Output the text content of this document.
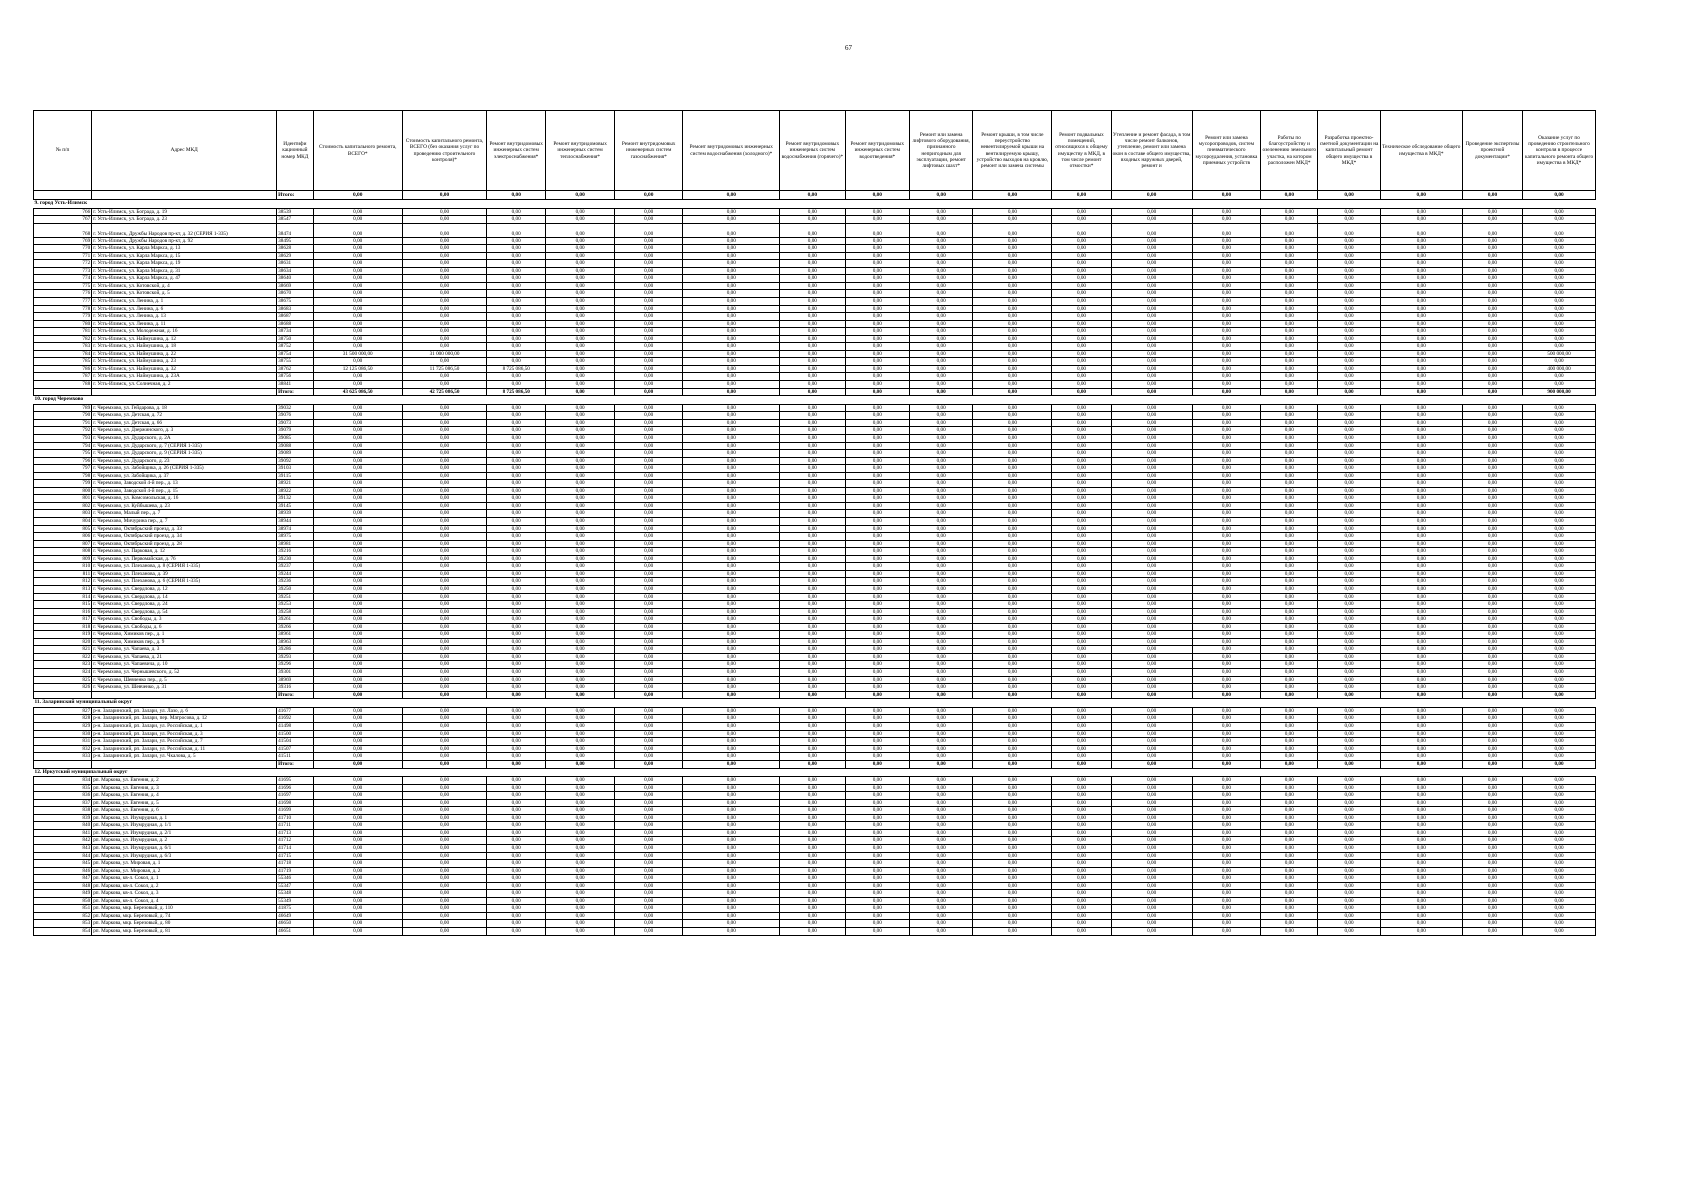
67
№ п/п	Адрес МКД	Идентифи кационный номер МКД	Стоимость капитального ремонта, ВСЕГО*	Стоимость капитального ремонта, ВСЕГО (без оказания услуг по проведению строительного контроля)*	Ремонт внутридомовых инженерных систем электроснабжения*	Ремонт внутридомовых инженерных систем теплоснабжения*	Ремонт внутридомовых инженерных систем газоснабжения*	Ремонт внутридомовых инженерных систем водоснабжения (холодного)*	Ремонт внутридомовых инженерных систем водоснабжения (горячего)*	Ремонт внутридомовых инженерных систем водоотведения*	Ремонт или замена лифтового оборудования, признанного непригодным для эксплуатации, ремонт лифтовых шахт*	Ремонт крыши, в том числе переустройство невентилируемой крыши на вентилируемую крышу, устройство выходов на кровлю, ремонт или замена системы	Ремонт подвальных помещений, относящихся к общему имуществу в МКД, в том числе ремонт отмостки*	Утепление и ремонт фасада, в том числе ремонт балконов, утепление, ремонт или замена окон в составе общего имущества, входных наружных дверей, ремонт и	Ремонт или замена мусоропроводов, систем пневматического мусороудаления, установка приемных устройств	Работы по благоустройству и озеленению земельного участка, на котором расположен МКД*	Разработка проектно-сметной документации на капитальный ремонт общего имущества в МКД*	Техническое обследование общего имущества в МКД*	Проведение экспертизы проектной документации*	Оказание услуг по проведению строительного контроля в процессе капитального ремонта общего имущества в МКД*
		Итого:	0,00	0,00	0,00	0,00	0,00	0,00	0,00	0,00	0,00	0,00	0,00	0,00	0,00	0,00	0,00	0,00	0,00	0,00
9. город Усть-Илимск																				
766	г. Усть-Илимск, ул. Бограда, д. 19	38539	0,00	0,00	0,00	0,00	0,00	0,00	0,00	0,00	0,00	0,00	0,00	0,00	0,00	0,00	0,00	0,00	0,00	0,00
767	г. Усть-Илимск, ул. Бограда, д. 23	38547	0,00	0,00	0,00	0,00	0,00	0,00	0,00	0,00	0,00	0,00	0,00	0,00	0,00	0,00	0,00	0,00	0,00	0,00
768	г. Усть-Илимск, Дружбы Народов пр-кт, д. 32 (СЕРИЯ 1-335)	38474	0,00	0,00	0,00	0,00	0,00	0,00	0,00	0,00	0,00	0,00	0,00	0,00	0,00	0,00	0,00	0,00	0,00	0,00
769	г. Усть-Илимск, Дружбы Народов пр-кт, д. 92	38495	0,00	0,00	0,00	0,00	0,00	0,00	0,00	0,00	0,00	0,00	0,00	0,00	0,00	0,00	0,00	0,00	0,00	0,00
770	г. Усть-Илимск, ул. Карла Маркса, д. 13	38628	0,00	0,00	0,00	0,00	0,00	0,00	0,00	0,00	0,00	0,00	0,00	0,00	0,00	0,00	0,00	0,00	0,00	0,00
771	г. Усть-Илимск, ул. Карла Маркса, д. 15	38629	0,00	0,00	0,00	0,00	0,00	0,00	0,00	0,00	0,00	0,00	0,00	0,00	0,00	0,00	0,00	0,00	0,00	0,00
772	г. Усть-Илимск, ул. Карла Маркса, д. 19	38631	0,00	0,00	0,00	0,00	0,00	0,00	0,00	0,00	0,00	0,00	0,00	0,00	0,00	0,00	0,00	0,00	0,00	0,00
773	г. Усть-Илимск, ул. Карла Маркса, д. 31	38634	0,00	0,00	0,00	0,00	0,00	0,00	0,00	0,00	0,00	0,00	0,00	0,00	0,00	0,00	0,00	0,00	0,00	0,00
774	г. Усть-Илимск, ул. Карла Маркса, д. 47	38640	0,00	0,00	0,00	0,00	0,00	0,00	0,00	0,00	0,00	0,00	0,00	0,00	0,00	0,00	0,00	0,00	0,00	0,00
775	г. Усть-Илимск, ул. Котовской, д. 4	38669	0,00	0,00	0,00	0,00	0,00	0,00	0,00	0,00	0,00	0,00	0,00	0,00	0,00	0,00	0,00	0,00	0,00	0,00
776	г. Усть-Илимск, ул. Котовской, д. 5	38670	0,00	0,00	0,00	0,00	0,00	0,00	0,00	0,00	0,00	0,00	0,00	0,00	0,00	0,00	0,00	0,00	0,00	0,00
777	г. Усть-Илимск, ул. Ленина, д. 1	38675	0,00	0,00	0,00	0,00	0,00	0,00	0,00	0,00	0,00	0,00	0,00	0,00	0,00	0,00	0,00	0,00	0,00	0,00
778	г. Усть-Илимск, ул. Ленина, д. 6	38683	0,00	0,00	0,00	0,00	0,00	0,00	0,00	0,00	0,00	0,00	0,00	0,00	0,00	0,00	0,00	0,00	0,00	0,00
779	г. Усть-Илимск, ул. Ленина, д. 13	38687	0,00	0,00	0,00	0,00	0,00	0,00	0,00	0,00	0,00	0,00	0,00	0,00	0,00	0,00	0,00	0,00	0,00	0,00
780	г. Усть-Илимск, ул. Ленина, д. 11	38688	0,00	0,00	0,00	0,00	0,00	0,00	0,00	0,00	0,00	0,00	0,00	0,00	0,00	0,00	0,00	0,00	0,00	0,00
781	г. Усть-Илимск, ул. Молодежная, д. 16	38734	0,00	0,00	0,00	0,00	0,00	0,00	0,00	0,00	0,00	0,00	0,00	0,00	0,00	0,00	0,00	0,00	0,00	0,00
782	г. Усть-Илимск, ул. Наймушина, д. 12	38750	0,00	0,00	0,00	0,00	0,00	0,00	0,00	0,00	0,00	0,00	0,00	0,00	0,00	0,00	0,00	0,00	0,00	0,00
783	г. Усть-Илимск, ул. Наймушина, д. 18	38752	0,00	0,00	0,00	0,00	0,00	0,00	0,00	0,00	0,00	0,00	0,00	0,00	0,00	0,00	0,00	0,00	0,00	0,00
784	г. Усть-Илимск, ул. Наймушина, д. 22	38754	31 500 000,00	31 000 000,00	0,00	0,00	0,00	0,00	0,00	0,00	0,00	0,00	0,00	0,00	0,00	0,00	0,00	0,00	0,00	500 000,00
785	г. Усть-Илимск, ул. Наймушина, д. 23	38755	0,00	0,00	0,00	0,00	0,00	0,00	0,00	0,00	0,00	0,00	0,00	0,00	0,00	0,00	0,00	0,00	0,00	0,00
786	г. Усть-Илимск, ул. Наймушина, д. 32	38762	12 125 086,50	11 725 086,50	8 725 086,50	0,00	0,00	0,00	0,00	0,00	0,00	0,00	0,00	0,00	0,00	0,00	0,00	0,00	0,00	400 000,00
787	г. Усть-Илимск, ул. Наймушина, д. 23А	38756	0,00	0,00	0,00	0,00	0,00	0,00	0,00	0,00	0,00	0,00	0,00	0,00	0,00	0,00	0,00	0,00	0,00	0,00
788	г. Усть-Илимск, ул. Солнечная, д. 2	38841	0,00	0,00	0,00	0,00	0,00	0,00	0,00	0,00	0,00	0,00	0,00	0,00	0,00	0,00	0,00	0,00	0,00	0,00
		Итого:	43 625 086,50	42 725 086,50	8 725 086,50	0,00	0,00	0,00	0,00	0,00	0,00	0,00	0,00	0,00	0,00	0,00	0,00	0,00	0,00	900 000,00
10. город Черемхово																				
789	г. Черемхово, ул. Гейдарова, д. 18	39032	0,00	0,00	0,00	0,00	0,00	0,00	0,00	0,00	0,00	0,00	0,00	0,00	0,00	0,00	0,00	0,00	0,00	0,00
790	г. Черемхово, ул. Детская, д. 72	39076	0,00	0,00	0,00	0,00	0,00	0,00	0,00	0,00	0,00	0,00	0,00	0,00	0,00	0,00	0,00	0,00	0,00	0,00
791	г. Черемхово, ул. Детская, д. 66	39073	0,00	0,00	0,00	0,00	0,00	0,00	0,00	0,00	0,00	0,00	0,00	0,00	0,00	0,00	0,00	0,00	0,00	0,00
792	г. Черемхово, ул. Дзержинского, д. 3	39079	0,00	0,00	0,00	0,00	0,00	0,00	0,00	0,00	0,00	0,00	0,00	0,00	0,00	0,00	0,00	0,00	0,00	0,00
793	г. Черемхово, ул. Дударского, д. 2А	39085	0,00	0,00	0,00	0,00	0,00	0,00	0,00	0,00	0,00	0,00	0,00	0,00	0,00	0,00	0,00	0,00	0,00	0,00
794	г. Черемхово, ул. Дударского, д. 7 (СЕРИЯ 1-335)	39088	0,00	0,00	0,00	0,00	0,00	0,00	0,00	0,00	0,00	0,00	0,00	0,00	0,00	0,00	0,00	0,00	0,00	0,00
795	г. Черемхово, ул. Дударского, д. 9 (СЕРИЯ 1-335)	39089	0,00	0,00	0,00	0,00	0,00	0,00	0,00	0,00	0,00	0,00	0,00	0,00	0,00	0,00	0,00	0,00	0,00	0,00
796	г. Черемхово, ул. Дударского, д. 23	39092	0,00	0,00	0,00	0,00	0,00	0,00	0,00	0,00	0,00	0,00	0,00	0,00	0,00	0,00	0,00	0,00	0,00	0,00
797	г. Черемхово, ул. Забойщика, д. 26 (СЕРИЯ 1-335)	39103	0,00	0,00	0,00	0,00	0,00	0,00	0,00	0,00	0,00	0,00	0,00	0,00	0,00	0,00	0,00	0,00	0,00	0,00
798	г. Черемхово, ул. Забойщика, д. 37	39115	0,00	0,00	0,00	0,00	0,00	0,00	0,00	0,00	0,00	0,00	0,00	0,00	0,00	0,00	0,00	0,00	0,00	0,00
799	г. Черемхово, Заводской 4-й пер., д. 13	38921	0,00	0,00	0,00	0,00	0,00	0,00	0,00	0,00	0,00	0,00	0,00	0,00	0,00	0,00	0,00	0,00	0,00	0,00
800	г. Черемхово, Заводской 4-й пер., д. 15	38922	0,00	0,00	0,00	0,00	0,00	0,00	0,00	0,00	0,00	0,00	0,00	0,00	0,00	0,00	0,00	0,00	0,00	0,00
801	г. Черемхово, ул. Комсомольская, д. 16	39132	0,00	0,00	0,00	0,00	0,00	0,00	0,00	0,00	0,00	0,00	0,00	0,00	0,00	0,00	0,00	0,00	0,00	0,00
802	г. Черемхово, ул. Куйбышева, д. 23	39145	0,00	0,00	0,00	0,00	0,00	0,00	0,00	0,00	0,00	0,00	0,00	0,00	0,00	0,00	0,00	0,00	0,00	0,00
803	г. Черемхово, Малый пер., д. 7	38939	0,00	0,00	0,00	0,00	0,00	0,00	0,00	0,00	0,00	0,00	0,00	0,00	0,00	0,00	0,00	0,00	0,00	0,00
804	г. Черемхово, Мичурина пер., д. 7	38944	0,00	0,00	0,00	0,00	0,00	0,00	0,00	0,00	0,00	0,00	0,00	0,00	0,00	0,00	0,00	0,00	0,00	0,00
805	г. Черемхово, Октябрьский проезд, д. 33	38974	0,00	0,00	0,00	0,00	0,00	0,00	0,00	0,00	0,00	0,00	0,00	0,00	0,00	0,00	0,00	0,00	0,00	0,00
806	г. Черемхово, Октябрьский проезд, д. 34	38975	0,00	0,00	0,00	0,00	0,00	0,00	0,00	0,00	0,00	0,00	0,00	0,00	0,00	0,00	0,00	0,00	0,00	0,00
807	г. Черемхово, Октябрьский проезд, д. 28	38981	0,00	0,00	0,00	0,00	0,00	0,00	0,00	0,00	0,00	0,00	0,00	0,00	0,00	0,00	0,00	0,00	0,00	0,00
808	г. Черемхово, ул. Парковая, д. 12	39216	0,00	0,00	0,00	0,00	0,00	0,00	0,00	0,00	0,00	0,00	0,00	0,00	0,00	0,00	0,00	0,00	0,00	0,00
809	г. Черемхово, ул. Первомайская, д. 76	39230	0,00	0,00	0,00	0,00	0,00	0,00	0,00	0,00	0,00	0,00	0,00	0,00	0,00	0,00	0,00	0,00	0,00	0,00
810	г. Черемхово, ул. Плеханова, д. 8 (СЕРИЯ 1-335)	39237	0,00	0,00	0,00	0,00	0,00	0,00	0,00	0,00	0,00	0,00	0,00	0,00	0,00	0,00	0,00	0,00	0,00	0,00
811	г. Черемхово, ул. Плеханова, д. 39	39244	0,00	0,00	0,00	0,00	0,00	0,00	0,00	0,00	0,00	0,00	0,00	0,00	0,00	0,00	0,00	0,00	0,00	0,00
812	г. Черемхово, ул. Плеханова, д. 6 (СЕРИЯ 1-335)	39236	0,00	0,00	0,00	0,00	0,00	0,00	0,00	0,00	0,00	0,00	0,00	0,00	0,00	0,00	0,00	0,00	0,00	0,00
813	г. Черемхово, ул. Свердлова, д. 12	39250	0,00	0,00	0,00	0,00	0,00	0,00	0,00	0,00	0,00	0,00	0,00	0,00	0,00	0,00	0,00	0,00	0,00	0,00
814	г. Черемхово, ул. Свердлова, д. 14	39251	0,00	0,00	0,00	0,00	0,00	0,00	0,00	0,00	0,00	0,00	0,00	0,00	0,00	0,00	0,00	0,00	0,00	0,00
815	г. Черемхово, ул. Свердлова, д. 24	39253	0,00	0,00	0,00	0,00	0,00	0,00	0,00	0,00	0,00	0,00	0,00	0,00	0,00	0,00	0,00	0,00	0,00	0,00
816	г. Черемхово, ул. Свердлова, д. 54	39258	0,00	0,00	0,00	0,00	0,00	0,00	0,00	0,00	0,00	0,00	0,00	0,00	0,00	0,00	0,00	0,00	0,00	0,00
817	г. Черемхово, ул. Свободы, д. 3	39261	0,00	0,00	0,00	0,00	0,00	0,00	0,00	0,00	0,00	0,00	0,00	0,00	0,00	0,00	0,00	0,00	0,00	0,00
818	г. Черемхово, ул. Свободы, д. 6	39266	0,00	0,00	0,00	0,00	0,00	0,00	0,00	0,00	0,00	0,00	0,00	0,00	0,00	0,00	0,00	0,00	0,00	0,00
819	г. Черемхово, Химиков пер., д. 1	38961	0,00	0,00	0,00	0,00	0,00	0,00	0,00	0,00	0,00	0,00	0,00	0,00	0,00	0,00	0,00	0,00	0,00	0,00
820	г. Черемхово, Химиков пер., д. 9	38963	0,00	0,00	0,00	0,00	0,00	0,00	0,00	0,00	0,00	0,00	0,00	0,00	0,00	0,00	0,00	0,00	0,00	0,00
821	г. Черемхово, ул. Чапаева, д. 3	39286	0,00	0,00	0,00	0,00	0,00	0,00	0,00	0,00	0,00	0,00	0,00	0,00	0,00	0,00	0,00	0,00	0,00	0,00
822	г. Черемхово, ул. Чапаева, д. 21	39293	0,00	0,00	0,00	0,00	0,00	0,00	0,00	0,00	0,00	0,00	0,00	0,00	0,00	0,00	0,00	0,00	0,00	0,00
823	г. Черемхово, ул. Чапаевича, д. 10	39296	0,00	0,00	0,00	0,00	0,00	0,00	0,00	0,00	0,00	0,00	0,00	0,00	0,00	0,00	0,00	0,00	0,00	0,00
824	г. Черемхово, ул. Чернышевского, д. 52	39301	0,00	0,00	0,00	0,00	0,00	0,00	0,00	0,00	0,00	0,00	0,00	0,00	0,00	0,00	0,00	0,00	0,00	0,00
825	г. Черемхово, Шевченко пер., д. 5	38969	0,00	0,00	0,00	0,00	0,00	0,00	0,00	0,00	0,00	0,00	0,00	0,00	0,00	0,00	0,00	0,00	0,00	0,00
826	г. Черемхово, ул. Шевченко, д. 31	39316	0,00	0,00	0,00	0,00	0,00	0,00	0,00	0,00	0,00	0,00	0,00	0,00	0,00	0,00	0,00	0,00	0,00	0,00
		Итого:	0,00	0,00	0,00	0,00	0,00	0,00	0,00	0,00	0,00	0,00	0,00	0,00	0,00	0,00	0,00	0,00	0,00	0,00
11. Заларинский муниципальный округ																				
827	р-н. Заларинский, рп. Залари, ул. Лазо, д. 6	41677	0,00	0,00	0,00	0,00	0,00	0,00	0,00	0,00	0,00	0,00	0,00	0,00	0,00	0,00	0,00	0,00	0,00	0,00
828	р-н. Заларинский, рп. Залари, пер. Матросова, д. 12	41692	0,00	0,00	0,00	0,00	0,00	0,00	0,00	0,00	0,00	0,00	0,00	0,00	0,00	0,00	0,00	0,00	0,00	0,00
829	р-н. Заларинский, рп. Залари, ул. Российская, д. 1	41498	0,00	0,00	0,00	0,00	0,00	0,00	0,00	0,00	0,00	0,00	0,00	0,00	0,00	0,00	0,00	0,00	0,00	0,00
830	р-н. Заларинский, рп. Залари, ул. Российская, д. 3	41500	0,00	0,00	0,00	0,00	0,00	0,00	0,00	0,00	0,00	0,00	0,00	0,00	0,00	0,00	0,00	0,00	0,00	0,00
831	р-н. Заларинский, рп. Залари, ул. Российская, д. 7	41504	0,00	0,00	0,00	0,00	0,00	0,00	0,00	0,00	0,00	0,00	0,00	0,00	0,00	0,00	0,00	0,00	0,00	0,00
832	р-н. Заларинский, рп. Залари, ул. Российская, д. 11	41507	0,00	0,00	0,00	0,00	0,00	0,00	0,00	0,00	0,00	0,00	0,00	0,00	0,00	0,00	0,00	0,00	0,00	0,00
833	р-н. Заларинский, рп. Залари, ул. Чкалова, д. 5	41511	0,00	0,00	0,00	0,00	0,00	0,00	0,00	0,00	0,00	0,00	0,00	0,00	0,00	0,00	0,00	0,00	0,00	0,00
		Итого:	0,00	0,00	0,00	0,00	0,00	0,00	0,00	0,00	0,00	0,00	0,00	0,00	0,00	0,00	0,00	0,00	0,00	0,00
12. Иркутский муниципальный округ																				
834	рп. Маркова, ул. Евгения, д. 2	41695	0,00	0,00	0,00	0,00	0,00	0,00	0,00	0,00	0,00	0,00	0,00	0,00	0,00	0,00	0,00	0,00	0,00	0,00
835	рп. Маркова, ул. Евгения, д. 3	41696	0,00	0,00	0,00	0,00	0,00	0,00	0,00	0,00	0,00	0,00	0,00	0,00	0,00	0,00	0,00	0,00	0,00	0,00
836	рп. Маркова, ул. Евгения, д. 4	41697	0,00	0,00	0,00	0,00	0,00	0,00	0,00	0,00	0,00	0,00	0,00	0,00	0,00	0,00	0,00	0,00	0,00	0,00
837	рп. Маркова, ул. Евгения, д. 5	41698	0,00	0,00	0,00	0,00	0,00	0,00	0,00	0,00	0,00	0,00	0,00	0,00	0,00	0,00	0,00	0,00	0,00	0,00
838	рп. Маркова, ул. Евгения, д. 6	41699	0,00	0,00	0,00	0,00	0,00	0,00	0,00	0,00	0,00	0,00	0,00	0,00	0,00	0,00	0,00	0,00	0,00	0,00
839	рп. Маркова, ул. Изумрудная, д. 1	41710	0,00	0,00	0,00	0,00	0,00	0,00	0,00	0,00	0,00	0,00	0,00	0,00	0,00	0,00	0,00	0,00	0,00	0,00
840	рп. Маркова, ул. Изумрудная, д. 1/1	41711	0,00	0,00	0,00	0,00	0,00	0,00	0,00	0,00	0,00	0,00	0,00	0,00	0,00	0,00	0,00	0,00	0,00	0,00
841	рп. Маркова, ул. Изумрудная, д. 2/1	41713	0,00	0,00	0,00	0,00	0,00	0,00	0,00	0,00	0,00	0,00	0,00	0,00	0,00	0,00	0,00	0,00	0,00	0,00
842	рп. Маркова, ул. Изумрудная, д. 2	41712	0,00	0,00	0,00	0,00	0,00	0,00	0,00	0,00	0,00	0,00	0,00	0,00	0,00	0,00	0,00	0,00	0,00	0,00
843	рп. Маркова, ул. Изумрудная, д. 6/1	41714	0,00	0,00	0,00	0,00	0,00	0,00	0,00	0,00	0,00	0,00	0,00	0,00	0,00	0,00	0,00	0,00	0,00	0,00
844	рп. Маркова, ул. Изумрудная, д. 6/3	41715	0,00	0,00	0,00	0,00	0,00	0,00	0,00	0,00	0,00	0,00	0,00	0,00	0,00	0,00	0,00	0,00	0,00	0,00
845	рп. Маркова, ул. Мировая, д. 1	41718	0,00	0,00	0,00	0,00	0,00	0,00	0,00	0,00	0,00	0,00	0,00	0,00	0,00	0,00	0,00	0,00	0,00	0,00
846	рп. Маркова, ул. Мировая, д. 2	41719	0,00	0,00	0,00	0,00	0,00	0,00	0,00	0,00	0,00	0,00	0,00	0,00	0,00	0,00	0,00	0,00	0,00	0,00
847	рп. Маркова, кв-л. Сокол, д. 1	55346	0,00	0,00	0,00	0,00	0,00	0,00	0,00	0,00	0,00	0,00	0,00	0,00	0,00	0,00	0,00	0,00	0,00	0,00
848	рп. Маркова, кв-л. Сокол, д. 2	55347	0,00	0,00	0,00	0,00	0,00	0,00	0,00	0,00	0,00	0,00	0,00	0,00	0,00	0,00	0,00	0,00	0,00	0,00
849	рп. Маркова, кв-л. Сокол, д. 3	55348	0,00	0,00	0,00	0,00	0,00	0,00	0,00	0,00	0,00	0,00	0,00	0,00	0,00	0,00	0,00	0,00	0,00	0,00
850	рп. Маркова, кв-л. Сокол, д. 4	55349	0,00	0,00	0,00	0,00	0,00	0,00	0,00	0,00	0,00	0,00	0,00	0,00	0,00	0,00	0,00	0,00	0,00	0,00
851	рп. Маркова, мкр. Березовый, д. 110	41875	0,00	0,00	0,00	0,00	0,00	0,00	0,00	0,00	0,00	0,00	0,00	0,00	0,00	0,00	0,00	0,00	0,00	0,00
852	рп. Маркова, мкр. Березовый, д. 74	46649	0,00	0,00	0,00	0,00	0,00	0,00	0,00	0,00	0,00	0,00	0,00	0,00	0,00	0,00	0,00	0,00	0,00	0,00
853	рп. Маркова, мкр. Березовый, д. 80	46650	0,00	0,00	0,00	0,00	0,00	0,00	0,00	0,00	0,00	0,00	0,00	0,00	0,00	0,00	0,00	0,00	0,00	0,00
854	рп. Маркова, мкр. Березовый, д. 81	46651	0,00	0,00	0,00	0,00	0,00	0,00	0,00	0,00	0,00	0,00	0,00	0,00	0,00	0,00	0,00	0,00	0,00	0,00
